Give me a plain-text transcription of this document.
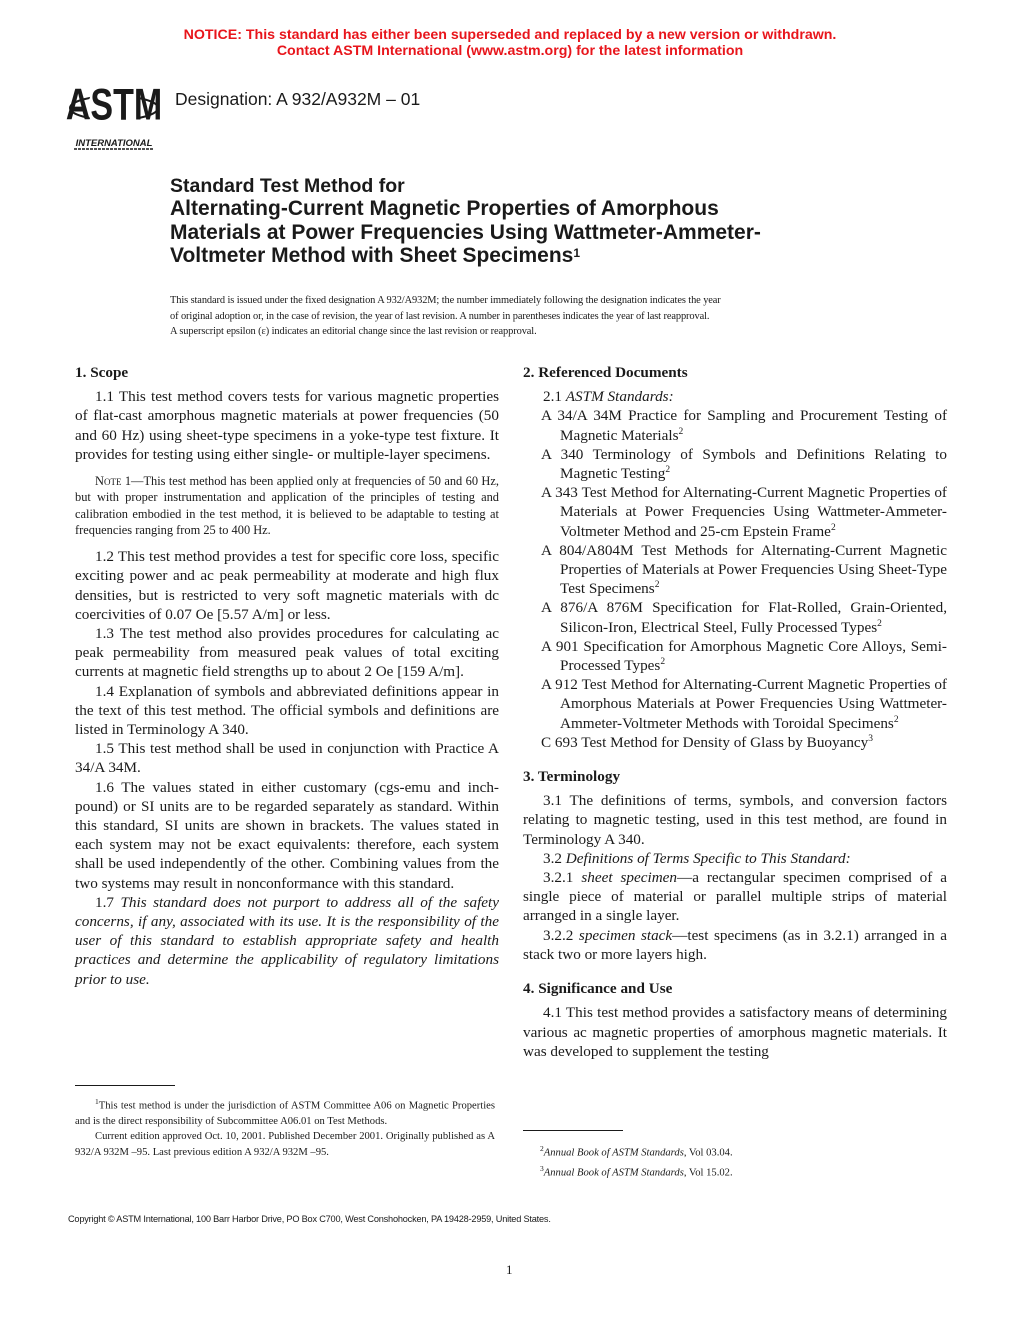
NOTICE: This standard has either been superseded and replaced by a new version or withdrawn.
Contact ASTM International (www.astm.org) for the latest information
ASTM
INTERNATIONAL
Designation: A 932/A932M – 01
Standard Test Method for
Alternating-Current Magnetic Properties of Amorphous
Materials at Power Frequencies Using Wattmeter-Ammeter-
Voltmeter Method with Sheet Specimens$^1$
This standard is issued under the fixed designation A 932/A932M; the number immediately following the designation indicates the year
of original adoption or, in the case of revision, the year of last revision. A number in parentheses indicates the year of last reapproval.
A superscript epsilon (ε) indicates an editorial change since the last revision or reapproval.
1. Scope

1.1 This test method covers tests for various magnetic properties of flat-cast amorphous magnetic materials at power frequencies (50 and 60 Hz) using sheet-type specimens in a yoke-type test fixture. It provides for testing using either single- or multiple-layer specimens.

Note 1—This test method has been applied only at frequencies of 50 and 60 Hz, but with proper instrumentation and application of the principles of testing and calibration embodied in the test method, it is believed to be adaptable to testing at frequencies ranging from 25 to 400 Hz.

1.2 This test method provides a test for specific core loss, specific exciting power and ac peak permeability at moderate and high flux densities, but is restricted to very soft magnetic materials with dc coercivities of 0.07 Oe [5.57 A/m] or less.

1.3 The test method also provides procedures for calculating ac peak permeability from measured peak values of total exciting currents at magnetic field strengths up to about 2 Oe [159 A/m].

1.4 Explanation of symbols and abbreviated definitions appear in the text of this test method. The official symbols and definitions are listed in Terminology A 340.

1.5 This test method shall be used in conjunction with Practice A 34/A 34M.

1.6 The values stated in either customary (cgs-emu and inch-pound) or SI units are to be regarded separately as standard. Within this standard, SI units are shown in brackets. The values stated in each system may not be exact equivalents: therefore, each system shall be used independently of the other. Combining values from the two systems may result in nonconformance with this standard.

1.7 This standard does not purport to address all of the safety concerns, if any, associated with its use. It is the responsibility of the user of this standard to establish appropriate safety and health practices and determine the applicability of regulatory limitations prior to use.

2. Referenced Documents

2.1 ASTM Standards:

A 34/A 34M Practice for Sampling and Procurement Testing of Magnetic Materials$^2$

A 340 Terminology of Symbols and Definitions Relating to Magnetic Testing$^2$

A 343 Test Method for Alternating-Current Magnetic Properties of Materials at Power Frequencies Using Wattmeter-Ammeter-Voltmeter Method and 25-cm Epstein Frame$^2$

A 804/A804M Test Methods for Alternating-Current Magnetic Properties of Materials at Power Frequencies Using Sheet-Type Test Specimens$^2$

A 876/A 876M Specification for Flat-Rolled, Grain-Oriented, Silicon-Iron, Electrical Steel, Fully Processed Types$^2$

A 901 Specification for Amorphous Magnetic Core Alloys, Semi-Processed Types$^2$

A 912 Test Method for Alternating-Current Magnetic Properties of Amorphous Materials at Power Frequencies Using Wattmeter-Ammeter-Voltmeter Methods with Toroidal Specimens$^2$

C 693 Test Method for Density of Glass by Buoyancy$^3$

3. Terminology

3.1 The definitions of terms, symbols, and conversion factors relating to magnetic testing, used in this test method, are found in Terminology A 340.

3.2 Definitions of Terms Specific to This Standard:

3.2.1 sheet specimen—a rectangular specimen comprised of a single piece of material or parallel multiple strips of material arranged in a single layer.

3.2.2 specimen stack—test specimens (as in 3.2.1) arranged in a stack two or more layers high.

4. Significance and Use

4.1 This test method provides a satisfactory means of determining various ac magnetic properties of amorphous magnetic materials. It was developed to supplement the testing

$^1$This test method is under the jurisdiction of ASTM Committee A06 on Magnetic Properties and is the direct responsibility of Subcommittee A06.01 on Test Methods.

Current edition approved Oct. 10, 2001. Published December 2001. Originally published as A 932/A 932M –95. Last previous edition A 932/A 932M –95.	$^2$Annual Book of ASTM Standards, Vol 03.04.

$^3$Annual Book of ASTM Standards, Vol 15.02.

Copyright © ASTM International, 100 Barr Harbor Drive, PO Box C700, West Conshohocken, PA 19428-2959, United States.
1
